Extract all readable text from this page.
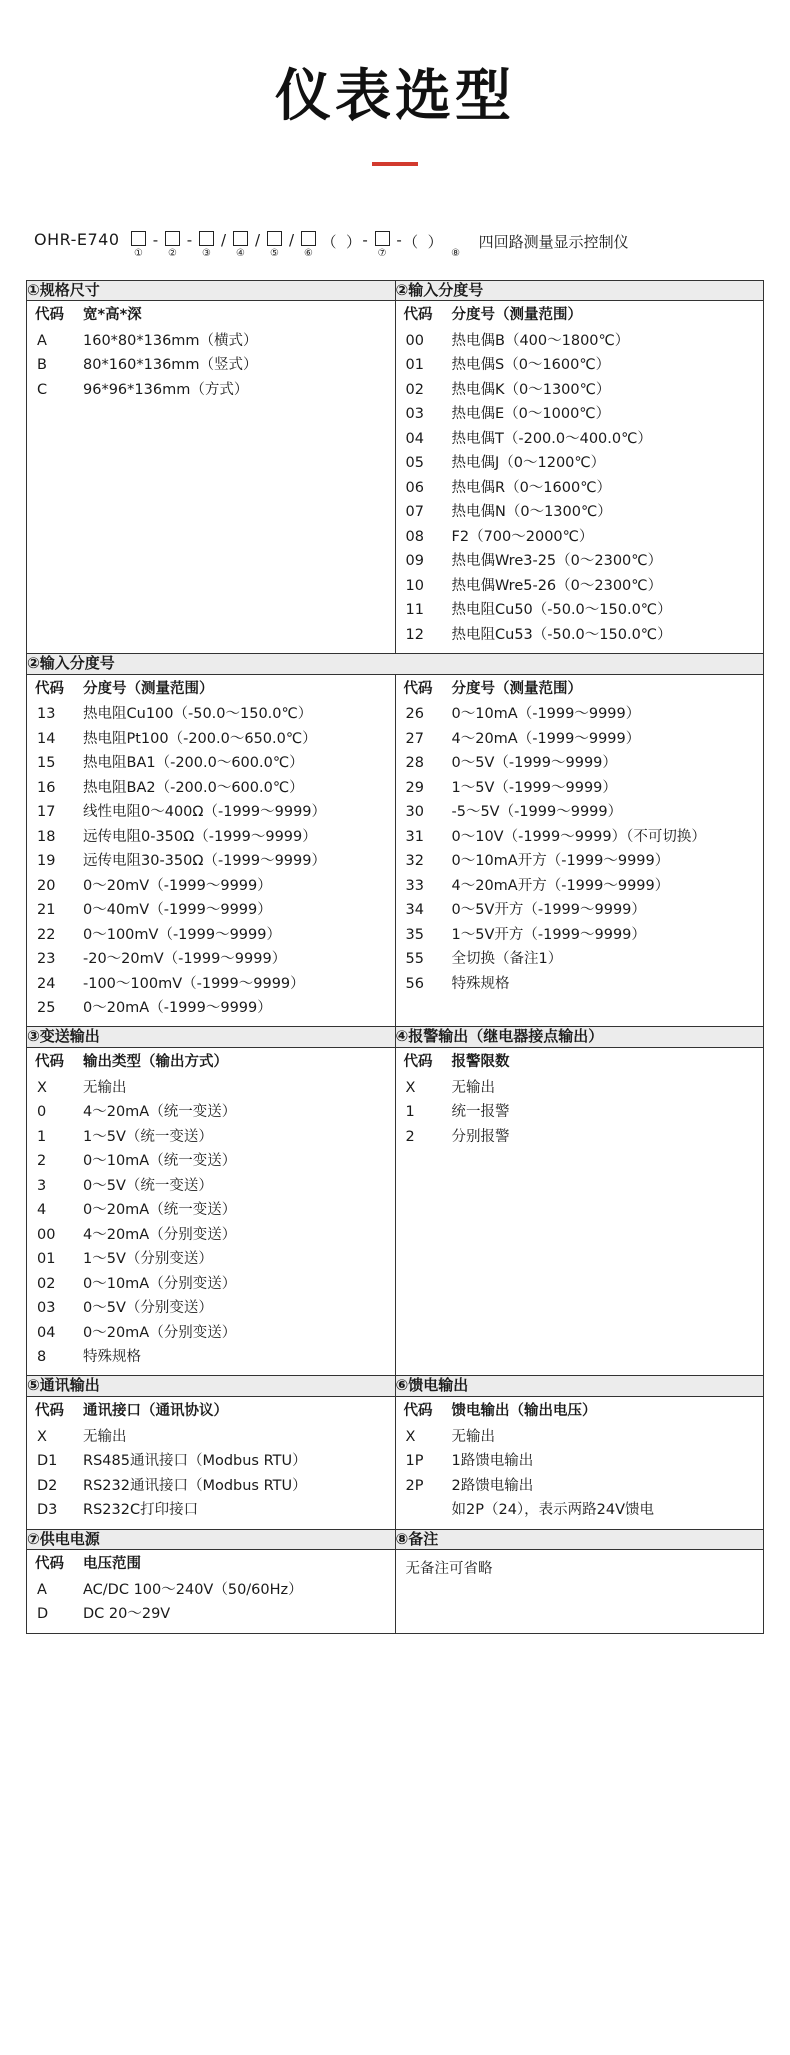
仪表选型
OHR-E740
①
-
②
-
③
/
④
/
⑤
/
⑥
（  ） -
⑦
- （  ）
⑧
四回路测量显示控制仪
①规格尺寸	②输入分度号

代码	宽*高*深
A	160*80*136mm（横式）
B	80*160*136mm（竖式）
C	96*96*136mm（方式）

代码	分度号（测量范围）
00	热电偶B（400～1800℃）
01	热电偶S（0～1600℃）
02	热电偶K（0～1300℃）
03	热电偶E（0～1000℃）
04	热电偶T（-200.0～400.0℃）
05	热电偶J（0～1200℃）
06	热电偶R（0～1600℃）
07	热电偶N（0～1300℃）
08	F2（700～2000℃）
09	热电偶Wre3-25（0～2300℃）
10	热电偶Wre5-26（0～2300℃）
11	热电阻Cu50（-50.0～150.0℃）
12	热电阻Cu53（-50.0～150.0℃）
②输入分度号

代码	分度号（测量范围）
13	热电阻Cu100（-50.0～150.0℃）
14	热电阻Pt100（-200.0～650.0℃）
15	热电阻BA1（-200.0～600.0℃）
16	热电阻BA2（-200.0～600.0℃）
17	线性电阻0～400Ω（-1999～9999）
18	远传电阻0-350Ω（-1999～9999）
19	远传电阻30-350Ω（-1999～9999）
20	0～20mV（-1999～9999）
21	0～40mV（-1999～9999）
22	0～100mV（-1999～9999）
23	-20～20mV（-1999～9999）
24	-100～100mV（-1999～9999）
25	0～20mA（-1999～9999）

代码	分度号（测量范围）
26	0～10mA（-1999～9999）
27	4～20mA（-1999～9999）
28	0～5V（-1999～9999）
29	1～5V（-1999～9999）
30	-5～5V（-1999～9999）
31	0～10V（-1999～9999）（不可切换）
32	0～10mA开方（-1999～9999）
33	4～20mA开方（-1999～9999）
34	0～5V开方（-1999～9999）
35	1～5V开方（-1999～9999）
55	全切换（备注1）
56	特殊规格
③变送输出	④报警输出（继电器接点输出）

代码	输出类型（输出方式）
X	无输出
0	4～20mA（统一变送）
1	1～5V（统一变送）
2	0～10mA（统一变送）
3	0～5V（统一变送）
4	0～20mA（统一变送）
00	4～20mA（分别变送）
01	1～5V（分别变送）
02	0～10mA（分别变送）
03	0～5V（分别变送）
04	0～20mA（分别变送）
8	特殊规格

代码	报警限数
X	无输出
1	统一报警
2	分别报警
⑤通讯输出	⑥馈电输出

代码	通讯接口（通讯协议）
X	无输出
D1	RS485通讯接口（Modbus RTU）
D2	RS232通讯接口（Modbus RTU）
D3	RS232C打印接口

代码	馈电输出（输出电压）
X	无输出
1P	1路馈电输出
2P	2路馈电输出
如2P（24），表示两路24V馈电
⑦供电电源	⑧备注

代码	电压范围
A	AC/DC 100～240V（50/60Hz）
D	DC 20～29V

无备注可省略
